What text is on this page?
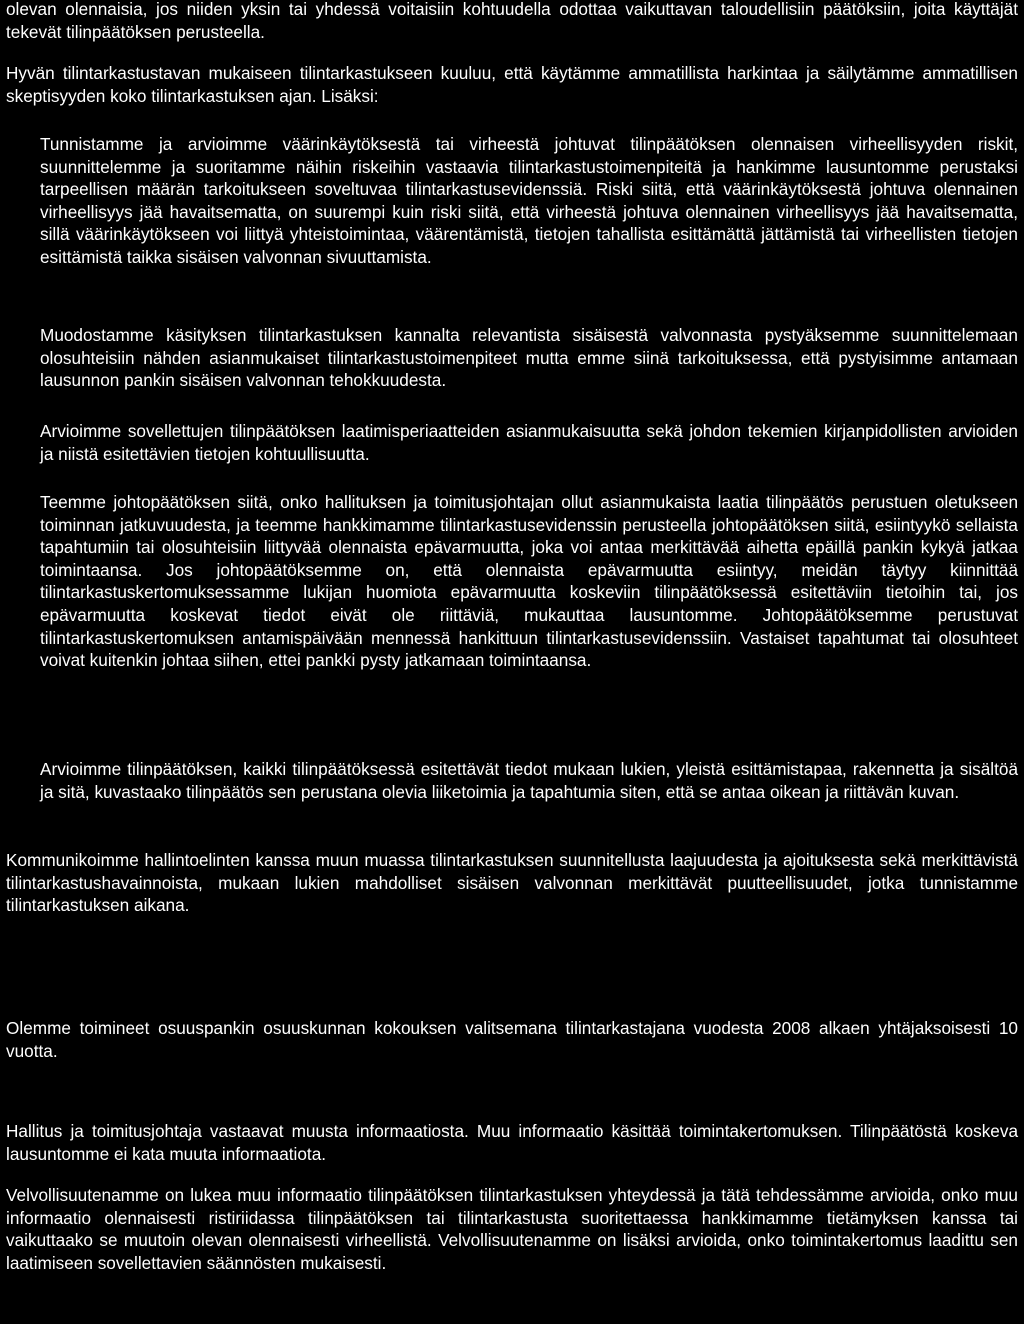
olevan olennaisia, jos niiden yksin tai yhdessä voitaisiin kohtuudella odottaa vaikuttavan taloudellisiin päätöksiin, joita käyttäjät tekevät tilinpäätöksen perusteella.

Hyvän tilintarkastustavan mukaiseen tilintarkastukseen kuuluu, että käytämme ammatillista harkintaa ja säilytämme ammatillisen skeptisyyden koko tilintarkastuksen ajan. Lisäksi:

Tunnistamme ja arvioimme väärinkäytöksestä tai virheestä johtuvat tilinpäätöksen olennaisen virheellisyyden riskit, suunnittelemme ja suoritamme näihin riskeihin vastaavia tilintarkastustoimenpiteitä ja hankimme lausuntomme perustaksi tarpeellisen määrän tarkoitukseen soveltuvaa tilintarkastusevidenssiä. Riski siitä, että väärinkäytöksestä johtuva olennainen virheellisyys jää havaitsematta, on suurempi kuin riski siitä, että virheestä johtuva olennainen virheellisyys jää havaitsematta, sillä väärinkäytökseen voi liittyä yhteistoimintaa, väärentämistä, tietojen tahallista esittämättä jättämistä tai virheellisten tietojen esittämistä taikka sisäisen valvonnan sivuuttamista.

Muodostamme käsityksen tilintarkastuksen kannalta relevantista sisäisestä valvonnasta pystyäksemme suunnittelemaan olosuhteisiin nähden asianmukaiset tilintarkastustoimenpiteet mutta emme siinä tarkoituksessa, että pystyisimme antamaan lausunnon pankin sisäisen valvonnan tehokkuudesta.

Arvioimme sovellettujen tilinpäätöksen laatimisperiaatteiden asianmukaisuutta sekä johdon tekemien kirjanpidollisten arvioiden ja niistä esitettävien tietojen kohtuullisuutta.

Teemme johtopäätöksen siitä, onko hallituksen ja toimitusjohtajan ollut asianmukaista laatia tilinpäätös perustuen oletukseen toiminnan jatkuvuudesta, ja teemme hankkimamme tilintarkastusevidenssin perusteella johtopäätöksen siitä, esiintyykö sellaista tapahtumiin tai olosuhteisiin liittyvää olennaista epävarmuutta, joka voi antaa merkittävää aihetta epäillä pankin kykyä jatkaa toimintaansa. Jos johtopäätöksemme on, että olennaista epävarmuutta esiintyy, meidän täytyy kiinnittää tilintarkastuskertomuksessamme lukijan huomiota epävarmuutta koskeviin tilinpäätöksessä esitettäviin tietoihin tai, jos epävarmuutta koskevat tiedot eivät ole riittäviä, mukauttaa lausuntomme. Johtopäätöksemme perustuvat tilintarkastuskertomuksen antamispäivään mennessä hankittuun tilintarkastusevidenssiin. Vastaiset tapahtumat tai olosuhteet voivat kuitenkin johtaa siihen, ettei pankki pysty jatkamaan toimintaansa.

Arvioimme tilinpäätöksen, kaikki tilinpäätöksessä esitettävät tiedot mukaan lukien, yleistä esittämistapaa, rakennetta ja sisältöä ja sitä, kuvastaako tilinpäätös sen perustana olevia liiketoimia ja tapahtumia siten, että se antaa oikean ja riittävän kuvan.

Kommunikoimme hallintoelinten kanssa muun muassa tilintarkastuksen suunnitellusta laajuudesta ja ajoituksesta sekä merkittävistä tilintarkastushavainnoista, mukaan lukien mahdolliset sisäisen valvonnan merkittävät puutteellisuudet, jotka tunnistamme tilintarkastuksen aikana.

Olemme toimineet osuuspankin osuuskunnan kokouksen valitsemana tilintarkastajana vuodesta 2008 alkaen yhtäjaksoisesti 10 vuotta.

Hallitus ja toimitusjohtaja vastaavat muusta informaatiosta. Muu informaatio käsittää toimintakertomuksen. Tilinpäätöstä koskeva lausuntomme ei kata muuta informaatiota.

Velvollisuutenamme on lukea muu informaatio tilinpäätöksen tilintarkastuksen yhteydessä ja tätä tehdessämme arvioida, onko muu informaatio olennaisesti ristiriidassa tilinpäätöksen tai tilintarkastusta suoritettaessa hankkimamme tietämyksen kanssa tai vaikuttaako se muutoin olevan olennaisesti virheellistä. Velvollisuutenamme on lisäksi arvioida, onko toimintakertomus laadittu sen laatimiseen sovellettavien säännösten mukaisesti.
